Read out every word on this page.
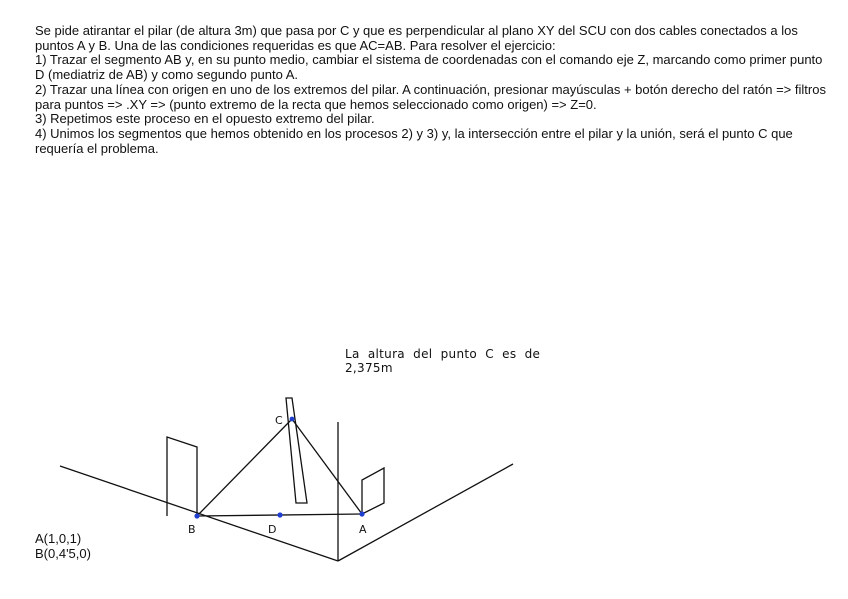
Se pide atirantar el pilar (de altura 3m) que pasa por C y que es perpendicular al plano XY del SCU con dos cables conectados a los puntos A y B. Una de las condiciones requeridas es que AC=AB. Para resolver el ejercicio:

1) Trazar el segmento AB y, en su punto medio, cambiar el sistema de coordenadas con el comando eje Z, marcando como primer punto D (mediatriz de AB) y como segundo punto A.

2) Trazar una línea con origen en uno de los extremos del pilar. A continuación, presionar mayúsculas + botón derecho del ratón => filtros para puntos => .XY => (punto extremo de la recta que hemos seleccionado como origen) => Z=0.

3) Repetimos este proceso en el opuesto extremo del pilar.

4) Unimos los segmentos que hemos obtenido en los procesos 2) y 3) y, la intersección entre el pilar y la unión, será el punto C que requería el problema.

La  altura  del  punto  C  es  de
2,375m
C
B	D	A
A(1,0,1)
B(0,4'5,0)
